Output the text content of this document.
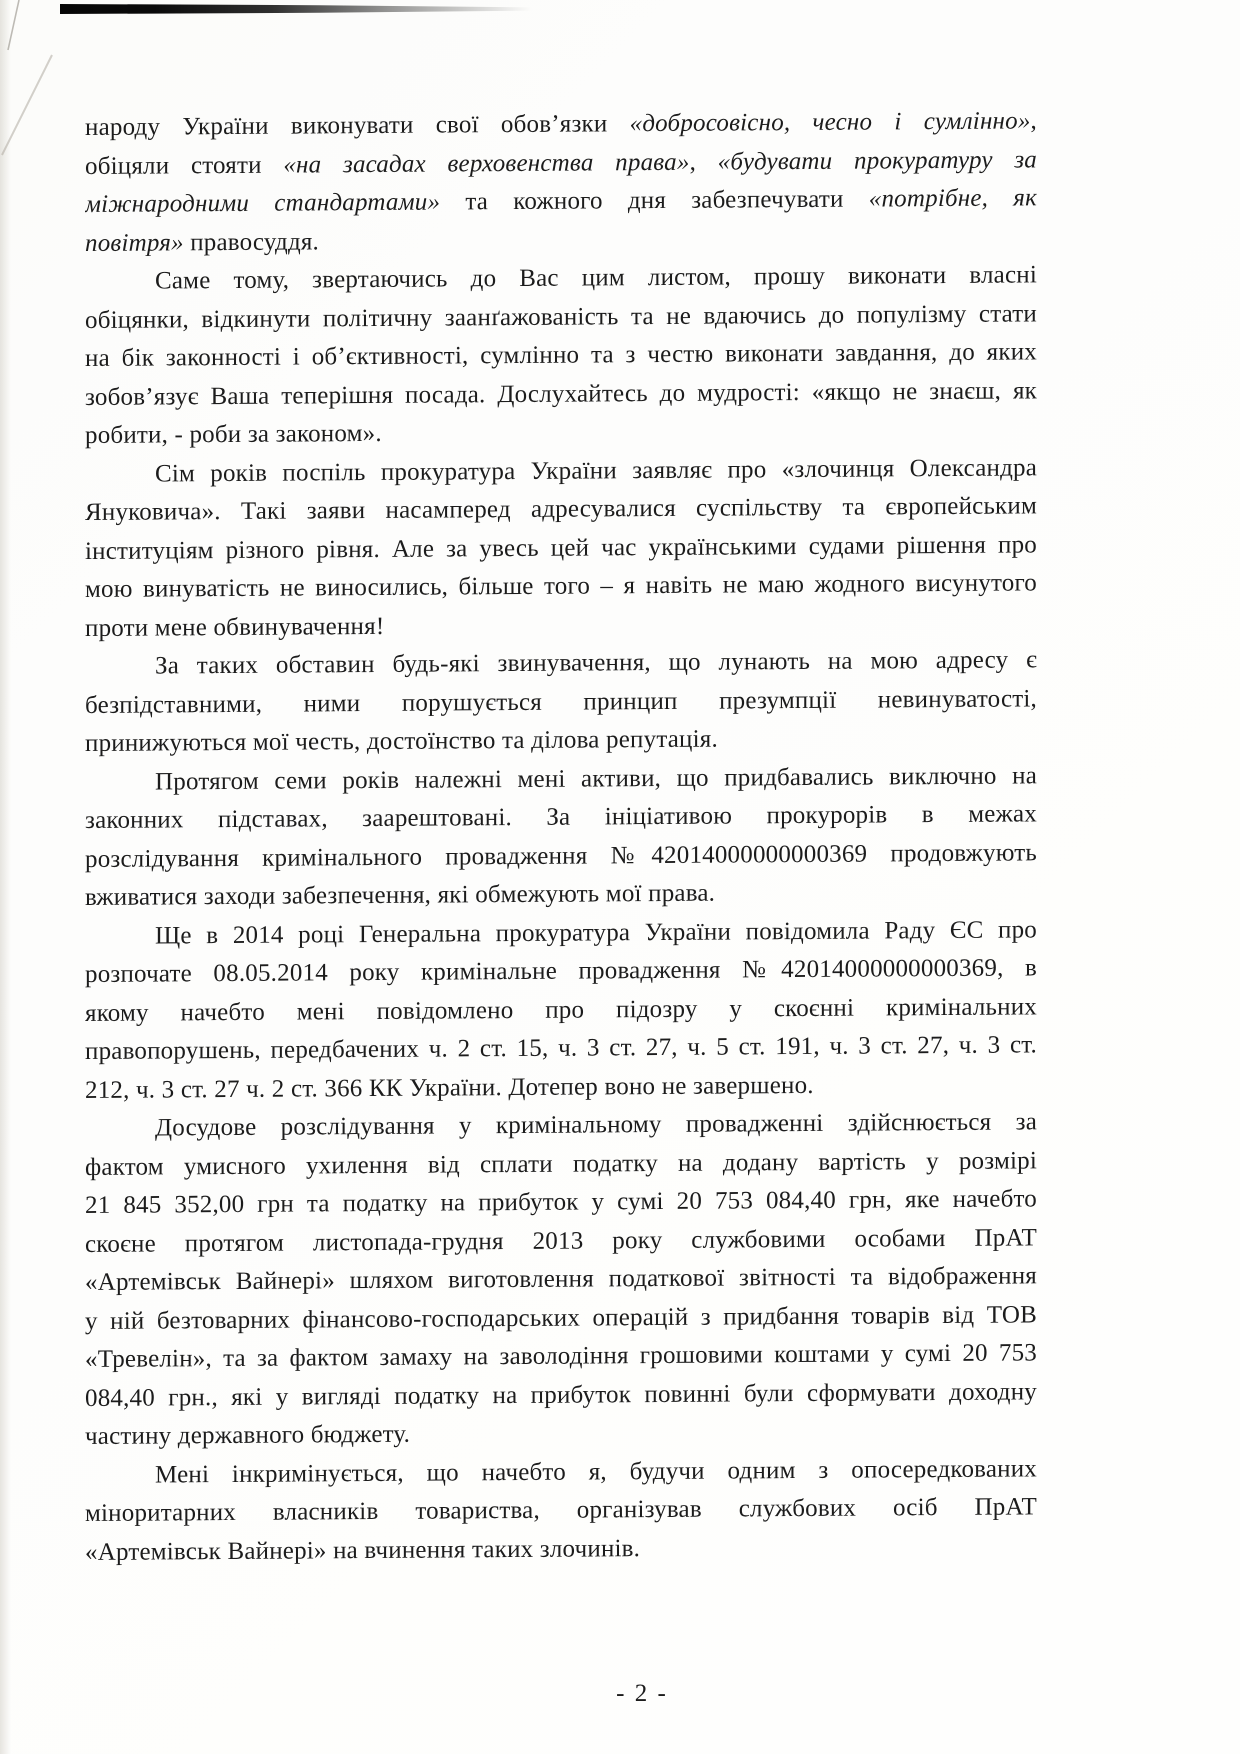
народу України виконувати свої обов’язки «добросовісно, чесно і сумлінно»,
обіцяли стояти «на засадах верховенства права», «будувати прокуратуру за
міжнародними стандартами» та кожного дня забезпечувати «потрібне, як
повітря» правосуддя.
Саме тому, звертаючись до Вас цим листом, прошу виконати власні
обіцянки, відкинути політичну заанґажованість та не вдаючись до популізму стати
на бік законності і об’єктивності, сумлінно та з честю виконати завдання, до яких
зобов’язує Ваша теперішня посада. Дослухайтесь до мудрості: «якщо не знаєш, як
робити, - роби за законом».
Сім років поспіль прокуратура України заявляє про «злочинця Олександра
Януковича». Такі заяви насамперед адресувалися суспільству та європейським
інституціям різного рівня. Але за увесь цей час українськими судами рішення про
мою винуватість не виносились, більше того – я навіть не маю жодного висунутого
проти мене обвинувачення!
За таких обставин будь-які звинувачення, що лунають на мою адресу є
безпідставними, ними порушується принцип презумпції невинуватості,
принижуються мої честь, достоїнство та ділова репутація.
Протягом семи років належні мені активи, що придбавались виключно на
законних підставах, заарештовані. За ініціативою прокурорів в межах
розслідування кримінального провадження №42014000000000369 продовжують
вживатися заходи забезпечення, які обмежують мої права.
Ще в 2014 році Генеральна прокуратура України повідомила Раду ЄС про
розпочате 08.05.2014 року кримінальне провадження №42014000000000369, в
якому начебто мені повідомлено про підозру у скоєнні кримінальних
правопорушень, передбачених ч. 2 ст. 15, ч. 3 ст. 27, ч. 5 ст. 191, ч. 3 ст. 27, ч. 3 ст.
212, ч. 3 ст. 27 ч. 2 ст. 366 КК України. Дотепер воно не завершено.
Досудове розслідування у кримінальному провадженні здійснюється за
фактом умисного ухилення від сплати податку на додану вартість у розмірі
21 845 352,00 грн та податку на прибуток у сумі 20 753 084,40 грн, яке начебто
скоєне протягом листопада-грудня 2013 року службовими особами ПрАТ
«Артемівськ Вайнері» шляхом виготовлення податкової звітності та відображення
у ній безтоварних фінансово-господарських операцій з придбання товарів від ТОВ
«Тревелін», та за фактом замаху на заволодіння грошовими коштами у сумі 20 753
084,40 грн., які у вигляді податку на прибуток повинні були сформувати доходну
частину державного бюджету.
Мені інкримінується, що начебто я, будучи одним з опосередкованих
міноритарних власників товариства, організував службових осіб ПрАТ
«Артемівськ Вайнері» на вчинення таких злочинів.
- 2 -
